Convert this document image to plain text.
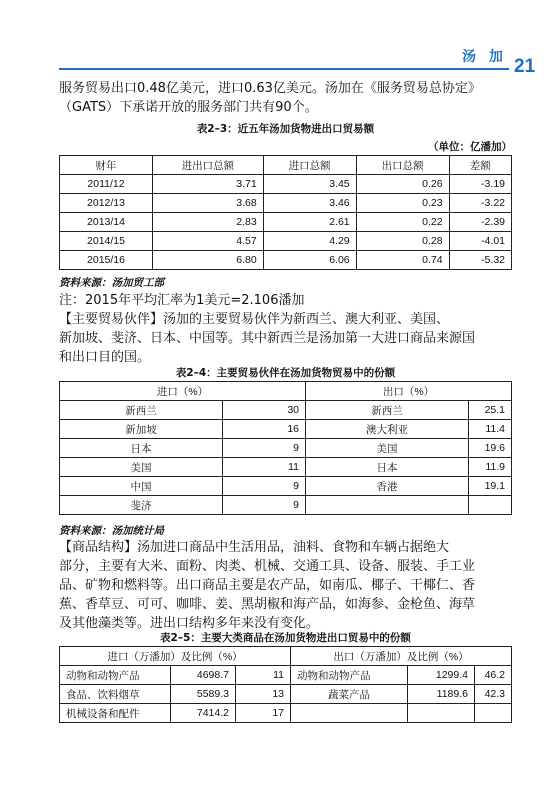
汤 加 21
服务贸易出口0.48亿美元，进口0.63亿美元。汤加在《服务贸易总协定》
（GATS）下承诺开放的服务部门共有90个。
表2–3：近五年汤加货物进出口贸易额
（单位：亿潘加）
财年	进出口总额	进口总额	出口总额	差额
2011/12	3.71	3.45	0.26	-3.19
2012/13	3.68	3.46	0.23	-3.22
2013/14	2.83	2.61	0.22	-2.39
2014/15	4.57	4.29	0.28	-4.01
2015/16	6.80	6.06	0.74	-5.32
资料来源：汤加贸工部
注：2015年平均汇率为1美元=2.106潘加
【主要贸易伙伴】汤加的主要贸易伙伴为新西兰、澳大利亚、美国、
新加坡、斐济、日本、中国等。其中新西兰是汤加第一大进口商品来源国
和出口目的国。
表2–4：主要贸易伙伴在汤加货物贸易中的份额
进口（%）		出口（%）	
新西兰	30	新西兰	25.1
新加坡	16	澳大利亚	11.4
日本	9	美国	19.6
美国	11	日本	11.9
中国	9	香港	19.1
斐济	9		
资料来源：汤加统计局
【商品结构】汤加进口商品中生活用品，油料、食物和车辆占据绝大
部分，主要有大米、面粉、肉类、机械、交通工具、设备、服装、手工业
品、矿物和燃料等。出口商品主要是农产品，如南瓜、椰子、干椰仁、香
蕉、香草豆、可可、咖啡、姜、黑胡椒和海产品，如海参、金枪鱼、海草
及其他藻类等。进出口结构多年来没有变化。
表2–5：主要大类商品在汤加货物进出口贸易中的份额
进口（万潘加）及比例（%）			出口（万潘加）及比例（%）		
动物和动物产品	4698.7	11	动物和动物产品	1299.4	46.2
食品、饮料烟草	5589.3	13	蔬菜产品	1189.6	42.3
机械设备和配件	7414.2	17			
